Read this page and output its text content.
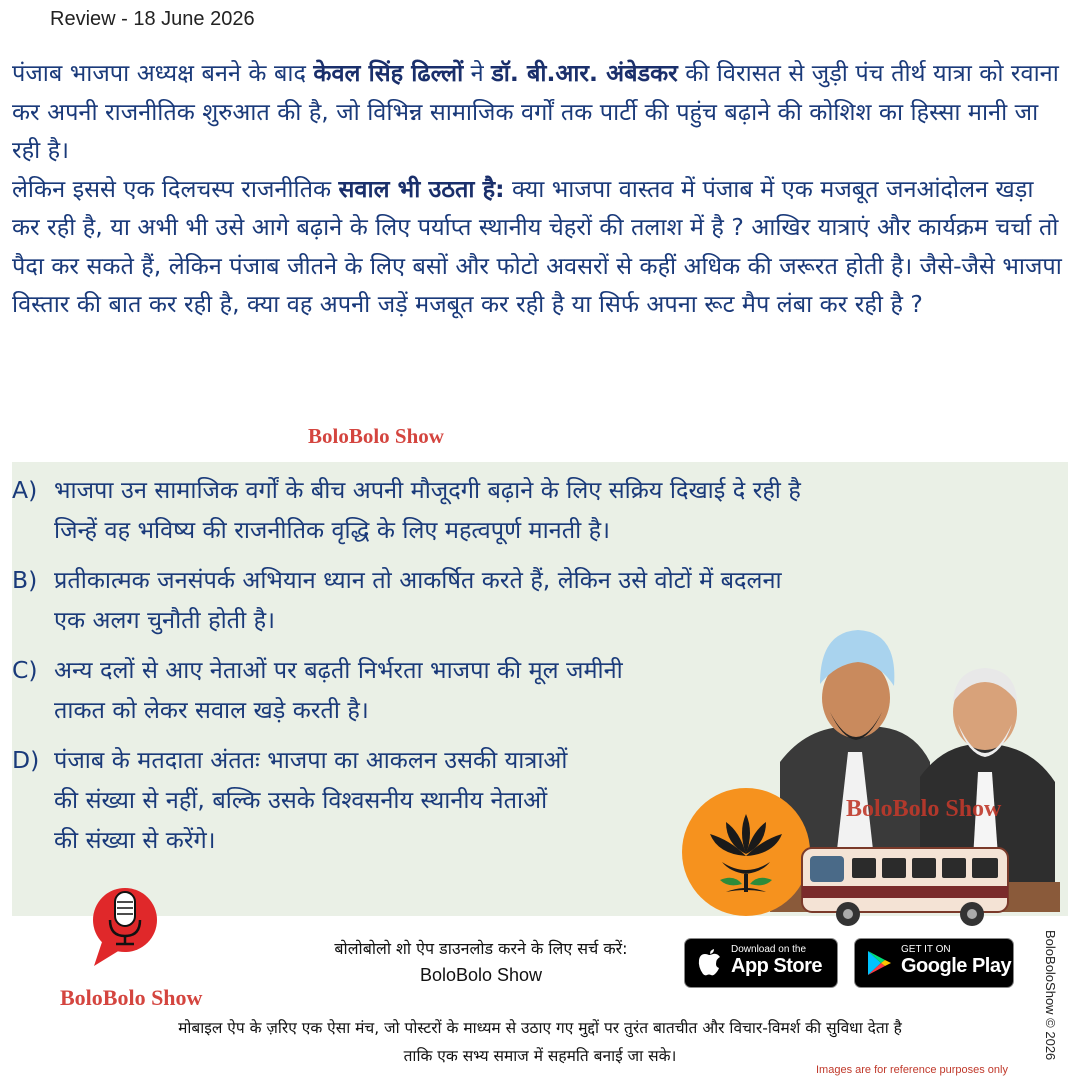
Review - 18 June 2026

पंजाब भाजपा अध्यक्ष बनने के बाद केवल सिंह ढिल्लों ने डॉ. बी.आर. अंबेडकर की विरासत से जुड़ी पंच तीर्थ यात्रा को रवाना कर अपनी राजनीतिक शुरुआत की है, जो विभिन्न सामाजिक वर्गों तक पार्टी की पहुंच बढ़ाने की कोशिश का हिस्सा मानी जा रही है।

लेकिन इससे एक दिलचस्प राजनीतिक सवाल भी उठता है: क्या भाजपा वास्तव में पंजाब में एक मजबूत जनआंदोलन खड़ा कर रही है, या अभी भी उसे आगे बढ़ाने के लिए पर्याप्त स्थानीय चेहरों की तलाश में है ? आखिर यात्राएं और कार्यक्रम चर्चा तो पैदा कर सकते हैं, लेकिन पंजाब जीतने के लिए बसों और फोटो अवसरों से कहीं अधिक की जरूरत होती है। जैसे-जैसे भाजपा विस्तार की बात कर रही है, क्या वह अपनी जड़ें मजबूत कर रही है या सिर्फ अपना रूट मैप लंबा कर रही है ?

BoloBolo Show
A) भाजपा उन सामाजिक वर्गों के बीच अपनी मौजूदगी बढ़ाने के लिए सक्रिय दिखाई दे रही है
जिन्हें वह भविष्य की राजनीतिक वृद्धि के लिए महत्वपूर्ण मानती है।
B) प्रतीकात्मक जनसंपर्क अभियान ध्यान तो आकर्षित करते हैं, लेकिन उसे वोटों में बदलना
एक अलग चुनौती होती है।
C) अन्य दलों से आए नेताओं पर बढ़ती निर्भरता भाजपा की मूल जमीनी
ताकत को लेकर सवाल खड़े करती है।
D) पंजाब के मतदाता अंततः भाजपा का आकलन उसकी यात्राओं
की संख्या से नहीं, बल्कि उसके विश्वसनीय स्थानीय नेताओं
की संख्या से करेंगे।
BoloBolo Show
BoloBolo Show
बोलोबोलो शो ऐप डाउनलोड करने के लिए सर्च करें:
BoloBolo Show
Download on the
App Store
GET IT ON
Google Play
मोबाइल ऐप के ज़रिए एक ऐसा मंच, जो पोस्टरों के माध्यम से उठाए गए मुद्दों पर तुरंत बातचीत और विचार-विमर्श की सुविधा देता है
ताकि एक सभ्य समाज में सहमति बनाई जा सके।	BoloBoloShow © 2026
Images are for reference purposes only
